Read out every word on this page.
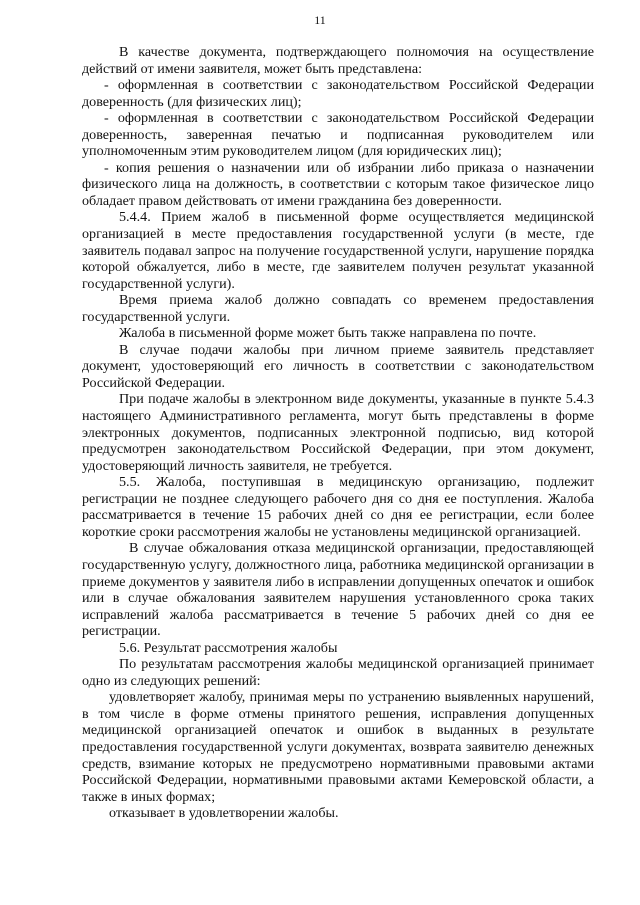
11

В качестве документа, подтверждающего полномочия на осуществление действий от имени заявителя, может быть представлена:

- оформленная в соответствии с законодательством Российской Федерации доверенность (для физических лиц);

- оформленная в соответствии с законодательством Российской Федерации доверенность, заверенная печатью и подписанная руководителем или уполномоченным этим руководителем лицом (для юридических лиц);

- копия решения о назначении или об избрании либо приказа о назначении физического лица на должность, в соответствии с которым такое физическое лицо обладает правом действовать от имени гражданина без доверенности.

5.4.4. Прием жалоб в письменной форме осуществляется медицинской организацией в месте предоставления государственной услуги (в месте, где заявитель подавал запрос на получение государственной услуги, нарушение порядка которой обжалуется, либо в месте, где заявителем получен результат указанной государственной услуги).

Время приема жалоб должно совпадать со временем предоставления государственной услуги.

Жалоба в письменной форме может быть также направлена по почте.

В случае подачи жалобы при личном приеме заявитель представляет документ, удостоверяющий его личность в соответствии с законодательством Российской Федерации.

При подаче жалобы в электронном виде документы, указанные в пункте 5.4.3 настоящего Административного регламента, могут быть представлены в форме электронных документов, подписанных электронной подписью, вид которой предусмотрен законодательством Российской Федерации, при этом документ, удостоверяющий личность заявителя, не требуется.

5.5. Жалоба, поступившая в медицинскую организацию, подлежит регистрации не позднее следующего рабочего дня со дня ее поступления. Жалоба рассматривается в течение 15 рабочих дней со дня ее регистрации, если более короткие сроки рассмотрения жалобы не установлены медицинской организацией.

В случае обжалования отказа медицинской организации, предоставляющей государственную услугу, должностного лица, работника медицинской организации в приеме документов у заявителя либо в исправлении допущенных опечаток и ошибок или в случае обжалования заявителем нарушения установленного срока таких исправлений жалоба рассматривается в течение 5 рабочих дней со дня ее регистрации.

5.6. Результат рассмотрения жалобы

По результатам рассмотрения жалобы медицинской организацией принимает одно из следующих решений:

удовлетворяет жалобу, принимая меры по устранению выявленных нарушений, в том числе в форме отмены принятого решения, исправления допущенных медицинской организацией опечаток и ошибок в выданных в результате предоставления государственной услуги документах, возврата заявителю денежных средств, взимание которых не предусмотрено нормативными правовыми актами Российской Федерации, нормативными правовыми актами Кемеровской области, а также в иных формах;

отказывает в удовлетворении жалобы.
